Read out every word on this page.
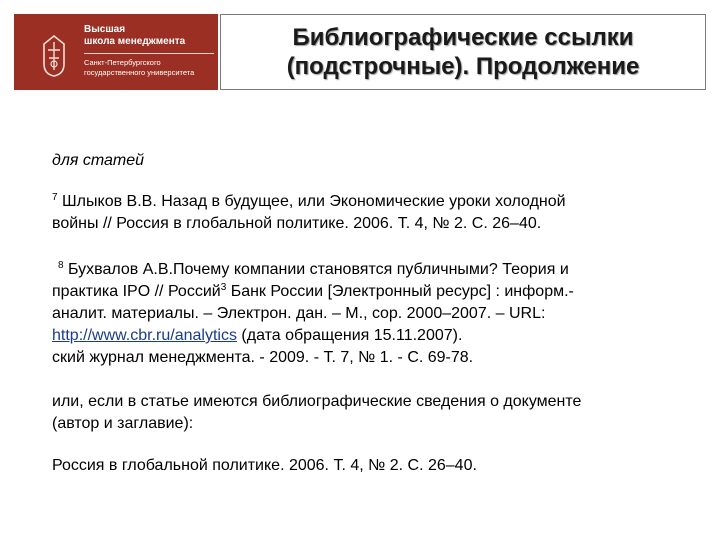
Высшая
школа менеджмента
Санкт-Петербургского
государственного университета
Библиографические ссылки
(подстрочные). Продолжение
для статей
$^7$ Шлыков В.В. Назад в будущее, или Экономические уроки холодной
войны // Россия в глобальной политике. 2006. Т. 4, № 2. С. 26–40.
$^8$ Бухвалов А.В.Почему компании становятся публичными? Теория и
практика IPO // Россий$^3$ Банк России [Электронный ресурс] : информ.-
аналит. материалы. – Электрон. дан. – М., cop. 2000–2007. – URL:
http://www.cbr.ru/analytics (дата обращения 15.11.2007).
ский журнал менеджмента. - 2009. - Т. 7, № 1. - С. 69-78.
или, если в статье имеются библиографические сведения о документе
(автор и заглавие):
Россия в глобальной политике. 2006. Т. 4, № 2. С. 26–40.
